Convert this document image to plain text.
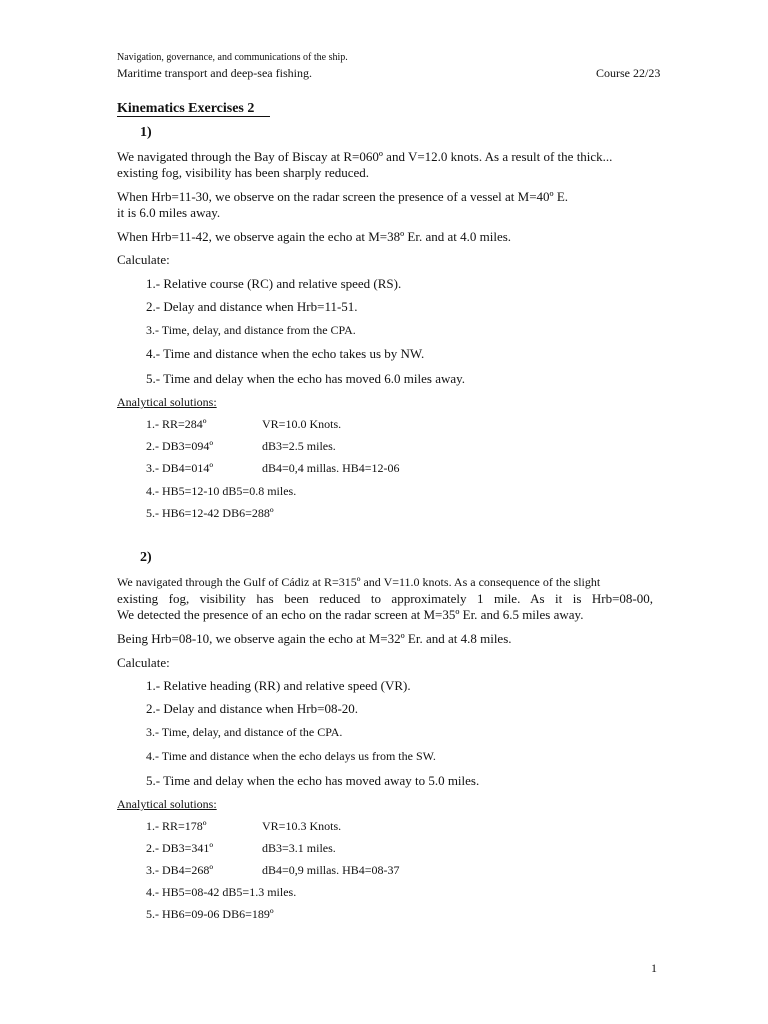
Navigation, governance, and communications of the ship.
Maritime transport and deep-sea fishing.	Course 22/23
Kinematics Exercises 2
1)
We navigated through the Bay of Biscay at R=060º and V=12.0 knots. As a result of the thick...
existing fog, visibility has been sharply reduced.
When Hrb=11-30, we observe on the radar screen the presence of a vessel at M=40º E.
it is 6.0 miles away.
When Hrb=11-42, we observe again the echo at M=38º Er. and at 4.0 miles.
Calculate:
1.- Relative course (RC) and relative speed (RS).
2.- Delay and distance when Hrb=11-51.
3.- Time, delay, and distance from the CPA.
4.- Time and distance when the echo takes us by NW.
5.- Time and delay when the echo has moved 6.0 miles away.
Analytical solutions:
1.- RR=284º	VR=10.0 Knots.
2.- DB3=094º	dB3=2.5 miles.
3.- DB4=014º	dB4=0,4 millas. HB4=12-06
4.- HB5=12-10 dB5=0.8 miles.
5.- HB6=12-42 DB6=288º
2)
We navigated through the Gulf of Cádiz at R=315º and V=11.0 knots. As a consequence of the slight
existing fog, visibility has been reduced to approximately 1 mile. As it is Hrb=08-00,
We detected the presence of an echo on the radar screen at M=35º Er. and 6.5 miles away.
Being Hrb=08-10, we observe again the echo at M=32º Er. and at 4.8 miles.
Calculate:
1.- Relative heading (RR) and relative speed (VR).
2.- Delay and distance when Hrb=08-20.
3.- Time, delay, and distance of the CPA.
4.- Time and distance when the echo delays us from the SW.
5.- Time and delay when the echo has moved away to 5.0 miles.
Analytical solutions:
1.- RR=178º	VR=10.3 Knots.
2.- DB3=341º	dB3=3.1 miles.
3.- DB4=268º	dB4=0,9 millas. HB4=08-37
4.- HB5=08-42 dB5=1.3 miles.
5.- HB6=09-06 DB6=189º
1
